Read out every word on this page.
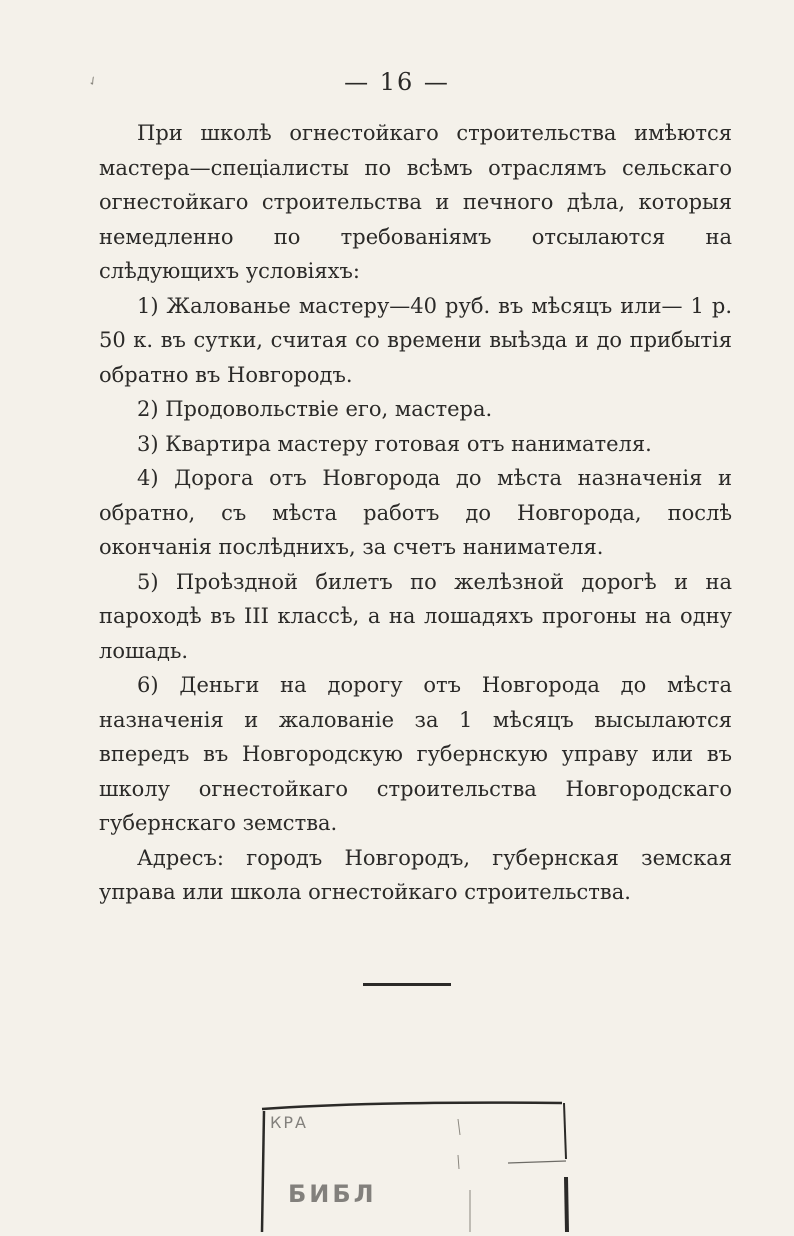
✓	— 16 —

При школѣ огнестойкаго строительства имѣются мастера—спеціалисты по всѣмъ отраслямъ сельскаго огнестойкаго строительства и печного дѣла, которыя немедленно по требованіямъ отсылаются на слѣдующихъ условіяхъ:

1) Жалованье мастеру—40 руб. въ мѣсяцъ или— 1 р. 50 к. въ сутки, считая со времени выѣзда и до прибытія обратно въ Новгородъ.

2) Продовольствіе его, мастера.

3) Квартира мастеру готовая отъ нанимателя.

4) Дорога отъ Новгорода до мѣста назначенія и обратно, съ мѣста работъ до Новгорода, послѣ окончанія послѣднихъ, за счетъ нанимателя.

5) Проѣздной билетъ по желѣзной дорогѣ и на пароходѣ въ III классѣ, а на лошадяхъ прогоны на одну лошадь.

6) Деньги на дорогу отъ Новгорода до мѣста назначенія и жалованіе за 1 мѣсяцъ высылаются впередъ въ Новгородскую губернскую управу или въ школу огнестойкаго строительства Новгородскаго губернскаго земства.

Адресъ: городъ Новгородъ, губернская земская управа или школа огнестойкаго строительства.

КРА
БИБЛ
